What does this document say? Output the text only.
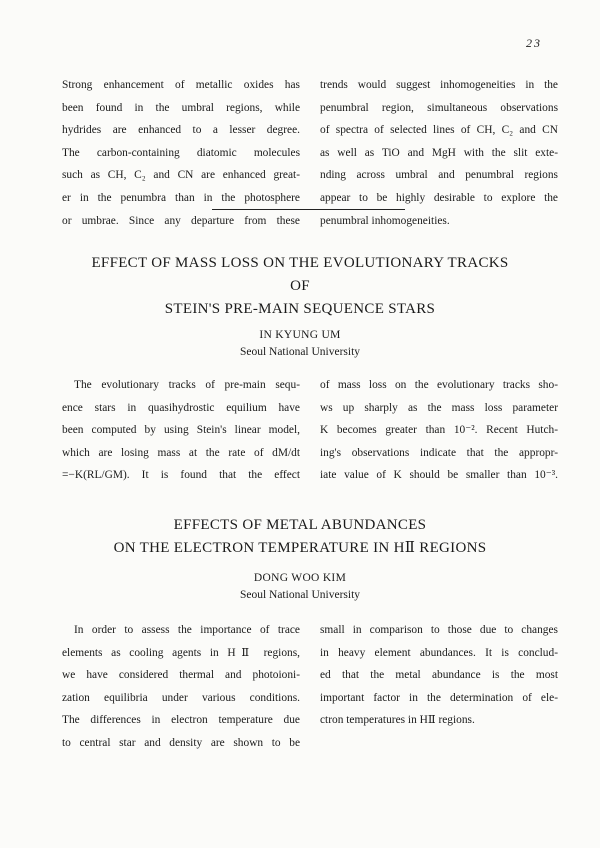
23

Strong enhancement of metallic oxides has
been found in the umbral regions, while
hydrides are enhanced to a lesser degree.
The carbon-containing diatomic molecules
such as CH, C₂ and CN are enhanced great-
er in the penumbra than in the photosphere
or umbrae. Since any departure from these

trends would suggest inhomogeneities in the
penumbral region, simultaneous observations
of spectra of selected lines of CH, C₂ and CN
as well as TiO and MgH with the slit exte-
nding across umbral and penumbral regions
appear to be highly desirable to explore the
penumbral inhomogeneities.

EFFECT OF MASS LOSS ON THE EVOLUTIONARY TRACKS
OF
STEIN'S PRE-MAIN SEQUENCE STARS
IN KYUNG UM
Seoul National University

The evolutionary tracks of pre-main sequ-
ence stars in quasihydrostic equilium have
been computed by using Stein's linear model,
which are losing mass at the rate of dM/dt
=−K(RL/GM). It is found that the effect

of mass loss on the evolutionary tracks sho-
ws up sharply as the mass loss parameter
K becomes greater than 10⁻². Recent Hutch-
ing's observations indicate that the appropr-
iate value of K should be smaller than 10⁻³.

EFFECTS OF METAL ABUNDANCES
ON THE ELECTRON TEMPERATURE IN HⅡ REGIONS
DONG WOO KIM
Seoul National University

In order to assess the importance of trace
elements as cooling agents in HⅡ regions,
we have considered thermal and photoioni-
zation equilibria under various conditions.
The differences in electron temperature due
to central star and density are shown to be

small in comparison to those due to changes
in heavy element abundances. It is conclud-
ed that the metal abundance is the most
important factor in the determination of ele-
ctron temperatures in HⅡ regions.
